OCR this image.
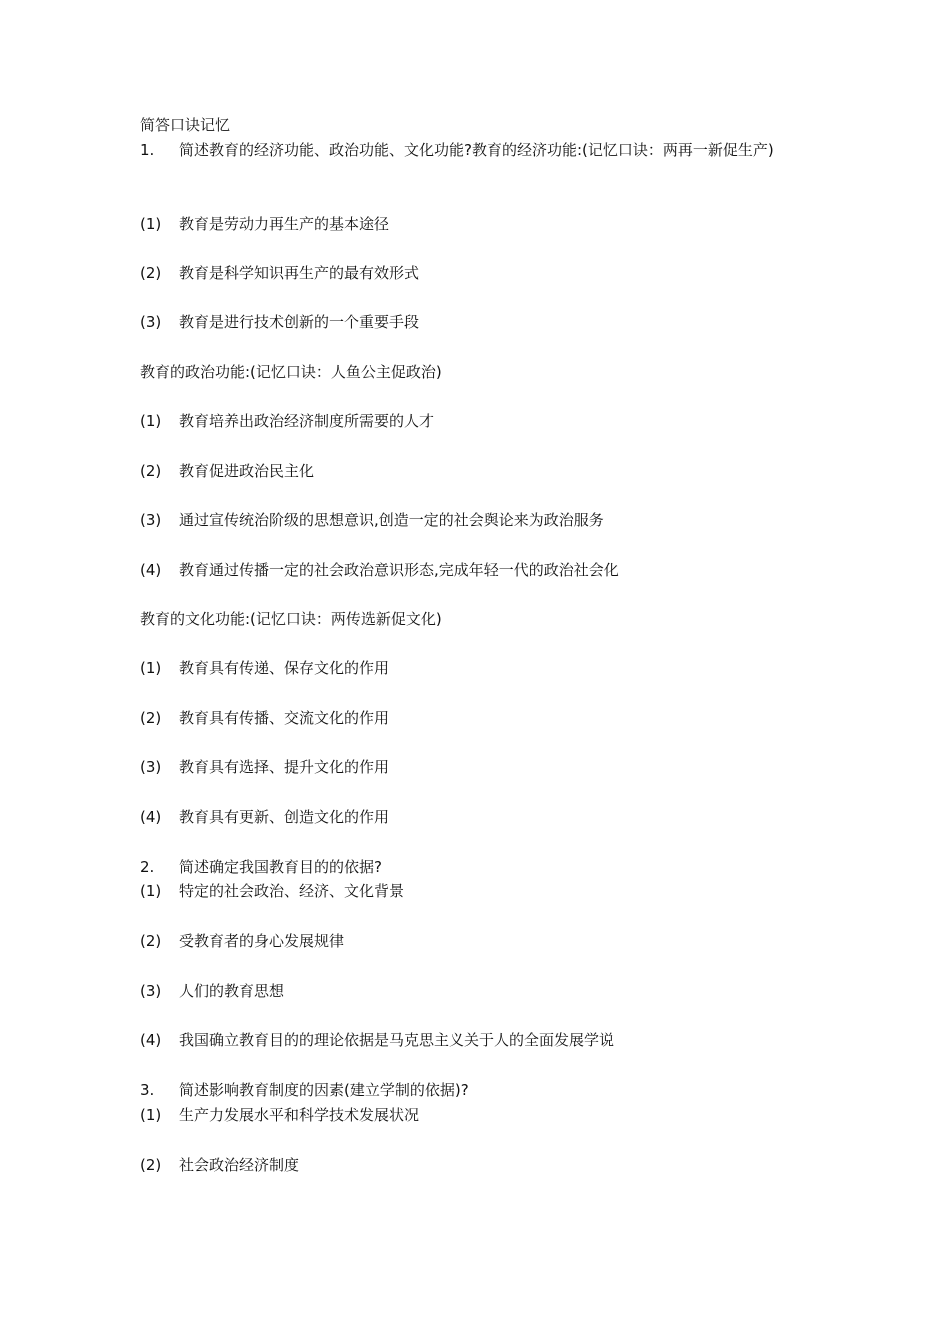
简答口诀记忆
1. 简述教育的经济功能、政治功能、文化功能?教育的经济功能:(记忆口诀：两再一新促生产)
(1) 教育是劳动力再生产的基本途径
(2) 教育是科学知识再生产的最有效形式
(3) 教育是进行技术创新的一个重要手段
教育的政治功能:(记忆口诀：人鱼公主促政治)
(1) 教育培养出政治经济制度所需要的人才
(2) 教育促进政治民主化
(3) 通过宣传统治阶级的思想意识,创造一定的社会舆论来为政治服务
(4) 教育通过传播一定的社会政治意识形态,完成年轻一代的政治社会化
教育的文化功能:(记忆口诀：两传选新促文化)
(1) 教育具有传递、保存文化的作用
(2) 教育具有传播、交流文化的作用
(3) 教育具有选择、提升文化的作用
(4) 教育具有更新、创造文化的作用
2. 简述确定我国教育目的的依据?
(1) 特定的社会政治、经济、文化背景
(2) 受教育者的身心发展规律
(3) 人们的教育思想
(4) 我国确立教育目的的理论依据是马克思主义关于人的全面发展学说
3. 简述影响教育制度的因素(建立学制的依据)?
(1) 生产力发展水平和科学技术发展状况
(2) 社会政治经济制度
